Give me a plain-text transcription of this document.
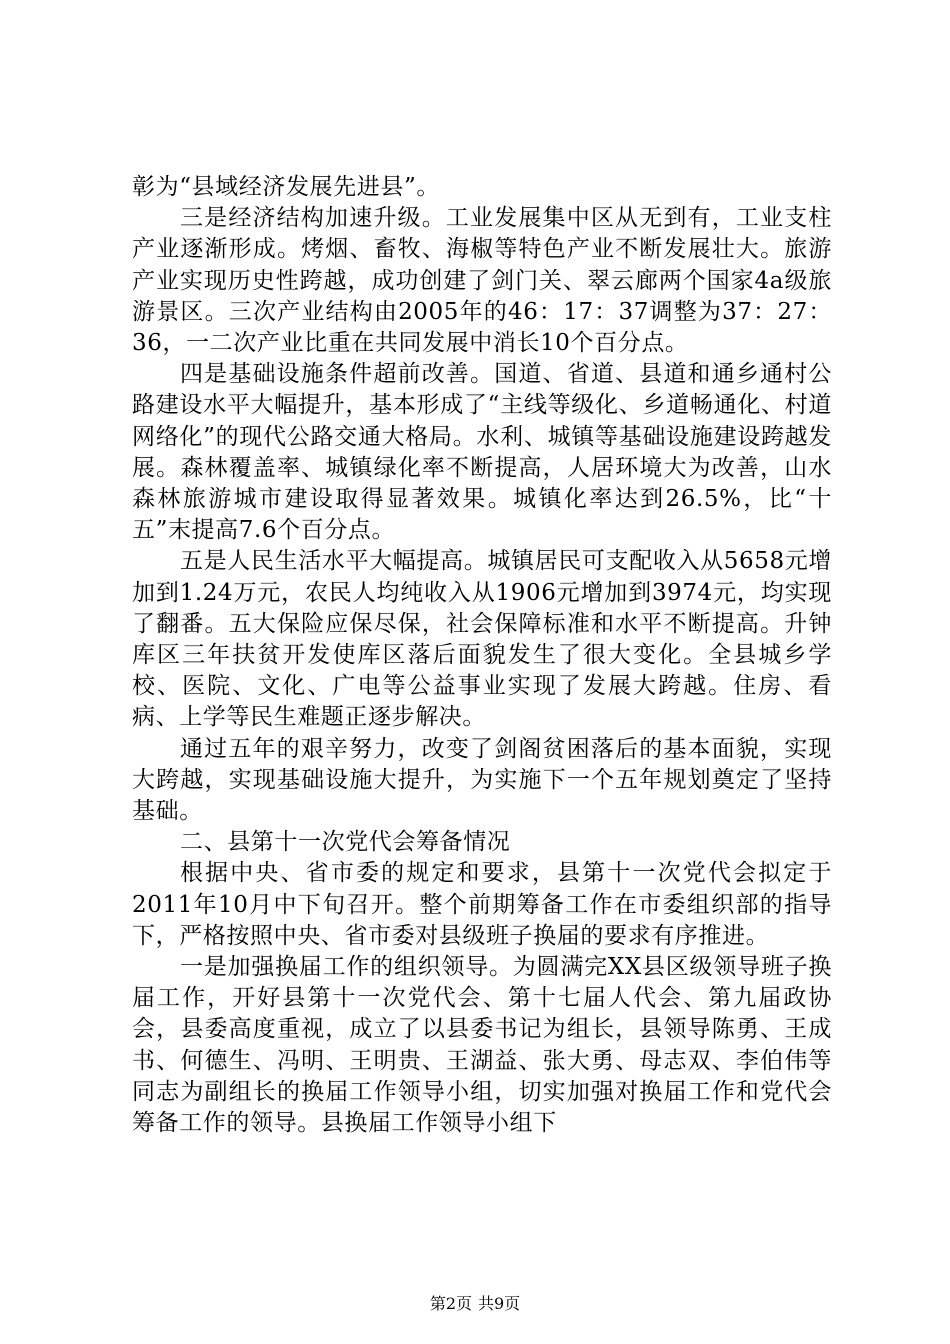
彰为“县域经济发展先进县”。

三是经济结构加速升级。工业发展集中区从无到有，工业支柱产业逐渐形成。烤烟、畜牧、海椒等特色产业不断发展壮大。旅游产业实现历史性跨越，成功创建了剑门关、翠云廊两个国家4a级旅游景区。三次产业结构由2005年的46：17：37调整为37：27：36，一二次产业比重在共同发展中消长10个百分点。

四是基础设施条件超前改善。国道、省道、县道和通乡通村公路建设水平大幅提升，基本形成了“主线等级化、乡道畅通化、村道网络化”的现代公路交通大格局。水利、城镇等基础设施建设跨越发展。森林覆盖率、城镇绿化率不断提高，人居环境大为改善，山水森林旅游城市建设取得显著效果。城镇化率达到26.5%，比“十五”末提高7.6个百分点。

五是人民生活水平大幅提高。城镇居民可支配收入从5658元增加到1.24万元，农民人均纯收入从1906元增加到3974元，均实现了翻番。五大保险应保尽保，社会保障标准和水平不断提高。升钟库区三年扶贫开发使库区落后面貌发生了很大变化。全县城乡学校、医院、文化、广电等公益事业实现了发展大跨越。住房、看病、上学等民生难题正逐步解决。

通过五年的艰辛努力，改变了剑阁贫困落后的基本面貌，实现大跨越，实现基础设施大提升，为实施下一个五年规划奠定了坚持基础。

二、县第十一次党代会筹备情况

根据中央、省市委的规定和要求，县第十一次党代会拟定于2011年10月中下旬召开。整个前期筹备工作在市委组织部的指导下，严格按照中央、省市委对县级班子换届的要求有序推进。

一是加强换届工作的组织领导。为圆满完XX县区级领导班子换届工作，开好县第十一次党代会、第十七届人代会、第九届政协会，县委高度重视，成立了以县委书记为组长，县领导陈勇、王成书、何德生、冯明、王明贵、王湖益、张大勇、母志双、李伯伟等同志为副组长的换届工作领导小组，切实加强对换届工作和党代会筹备工作的领导。县换届工作领导小组下

第2页 共9页
